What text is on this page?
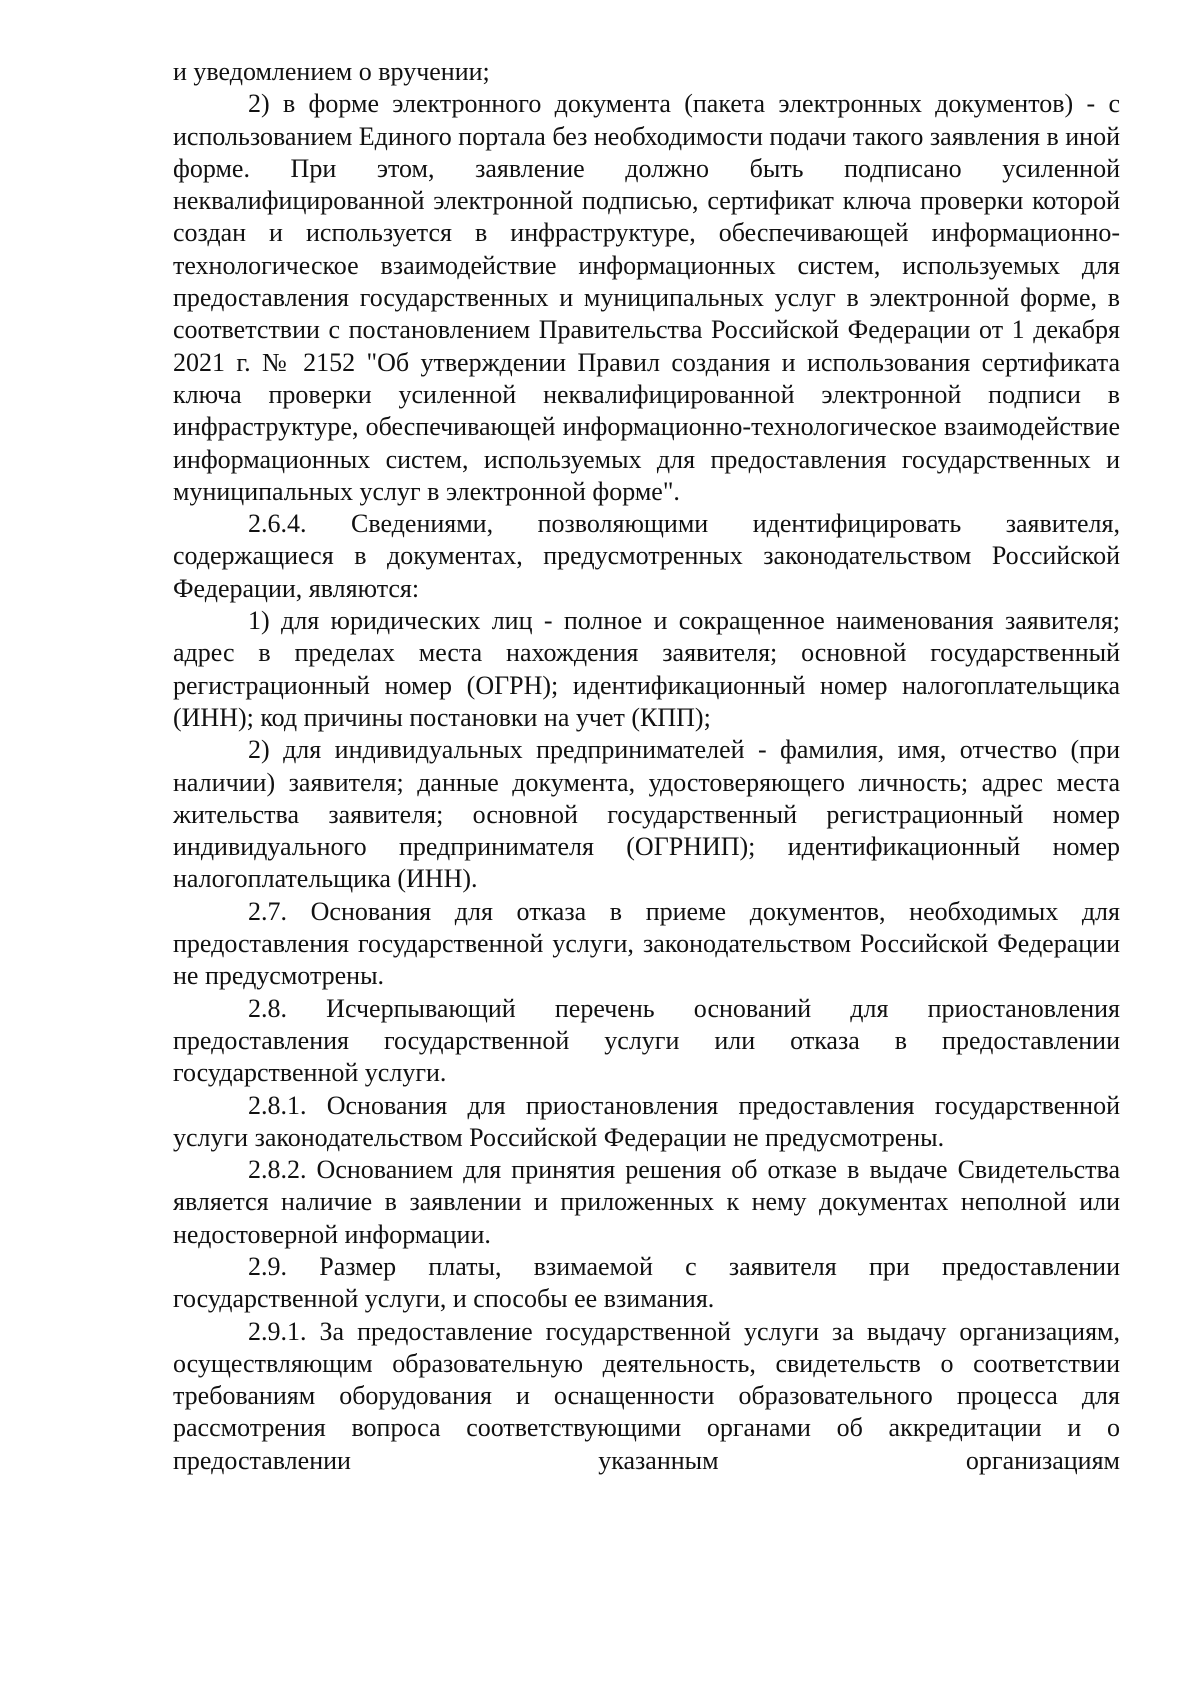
и уведомлением о вручении;

2) в форме электронного документа (пакета электронных документов) - с использованием Единого портала без необходимости подачи такого заявления в иной форме. При этом, заявление должно быть подписано усиленной неквалифицированной электронной подписью, сертификат ключа проверки которой создан и используется в инфраструктуре, обеспечивающей информационно-технологическое взаимодействие информационных систем, используемых для предоставления государственных и муниципальных услуг в электронной форме, в соответствии с постановлением Правительства Российской Федерации от 1 декабря 2021 г. № 2152 "Об утверждении Правил создания и использования сертификата ключа проверки усиленной неквалифицированной электронной подписи в инфраструктуре, обеспечивающей информационно-технологическое взаимодействие информационных систем, используемых для предоставления государственных и муниципальных услуг в электронной форме".

2.6.4. Сведениями, позволяющими идентифицировать заявителя, содержащиеся в документах, предусмотренных законодательством Российской Федерации, являются:

1) для юридических лиц - полное и сокращенное наименования заявителя; адрес в пределах места нахождения заявителя; основной государственный регистрационный номер (ОГРН); идентификационный номер налогоплательщика (ИНН); код причины постановки на учет (КПП);

2) для индивидуальных предпринимателей - фамилия, имя, отчество (при наличии) заявителя; данные документа, удостоверяющего личность; адрес места жительства заявителя; основной государственный регистрационный номер индивидуального предпринимателя (ОГРНИП); идентификационный номер налогоплательщика (ИНН).

2.7. Основания для отказа в приеме документов, необходимых для предоставления государственной услуги, законодательством Российской Федерации не предусмотрены.

2.8. Исчерпывающий перечень оснований для приостановления предоставления государственной услуги или отказа в предоставлении государственной услуги.

2.8.1. Основания для приостановления предоставления государственной услуги законодательством Российской Федерации не предусмотрены.

2.8.2. Основанием для принятия решения об отказе в выдаче Свидетельства является наличие в заявлении и приложенных к нему документах неполной или недостоверной информации.

2.9. Размер платы, взимаемой с заявителя при предоставлении государственной услуги, и способы ее взимания.

2.9.1. За предоставление государственной услуги за выдачу организациям, осуществляющим образовательную деятельность, свидетельств о соответствии требованиям оборудования и оснащенности образовательного процесса для рассмотрения вопроса соответствующими органами об аккредитации и о предоставлении указанным организациям
